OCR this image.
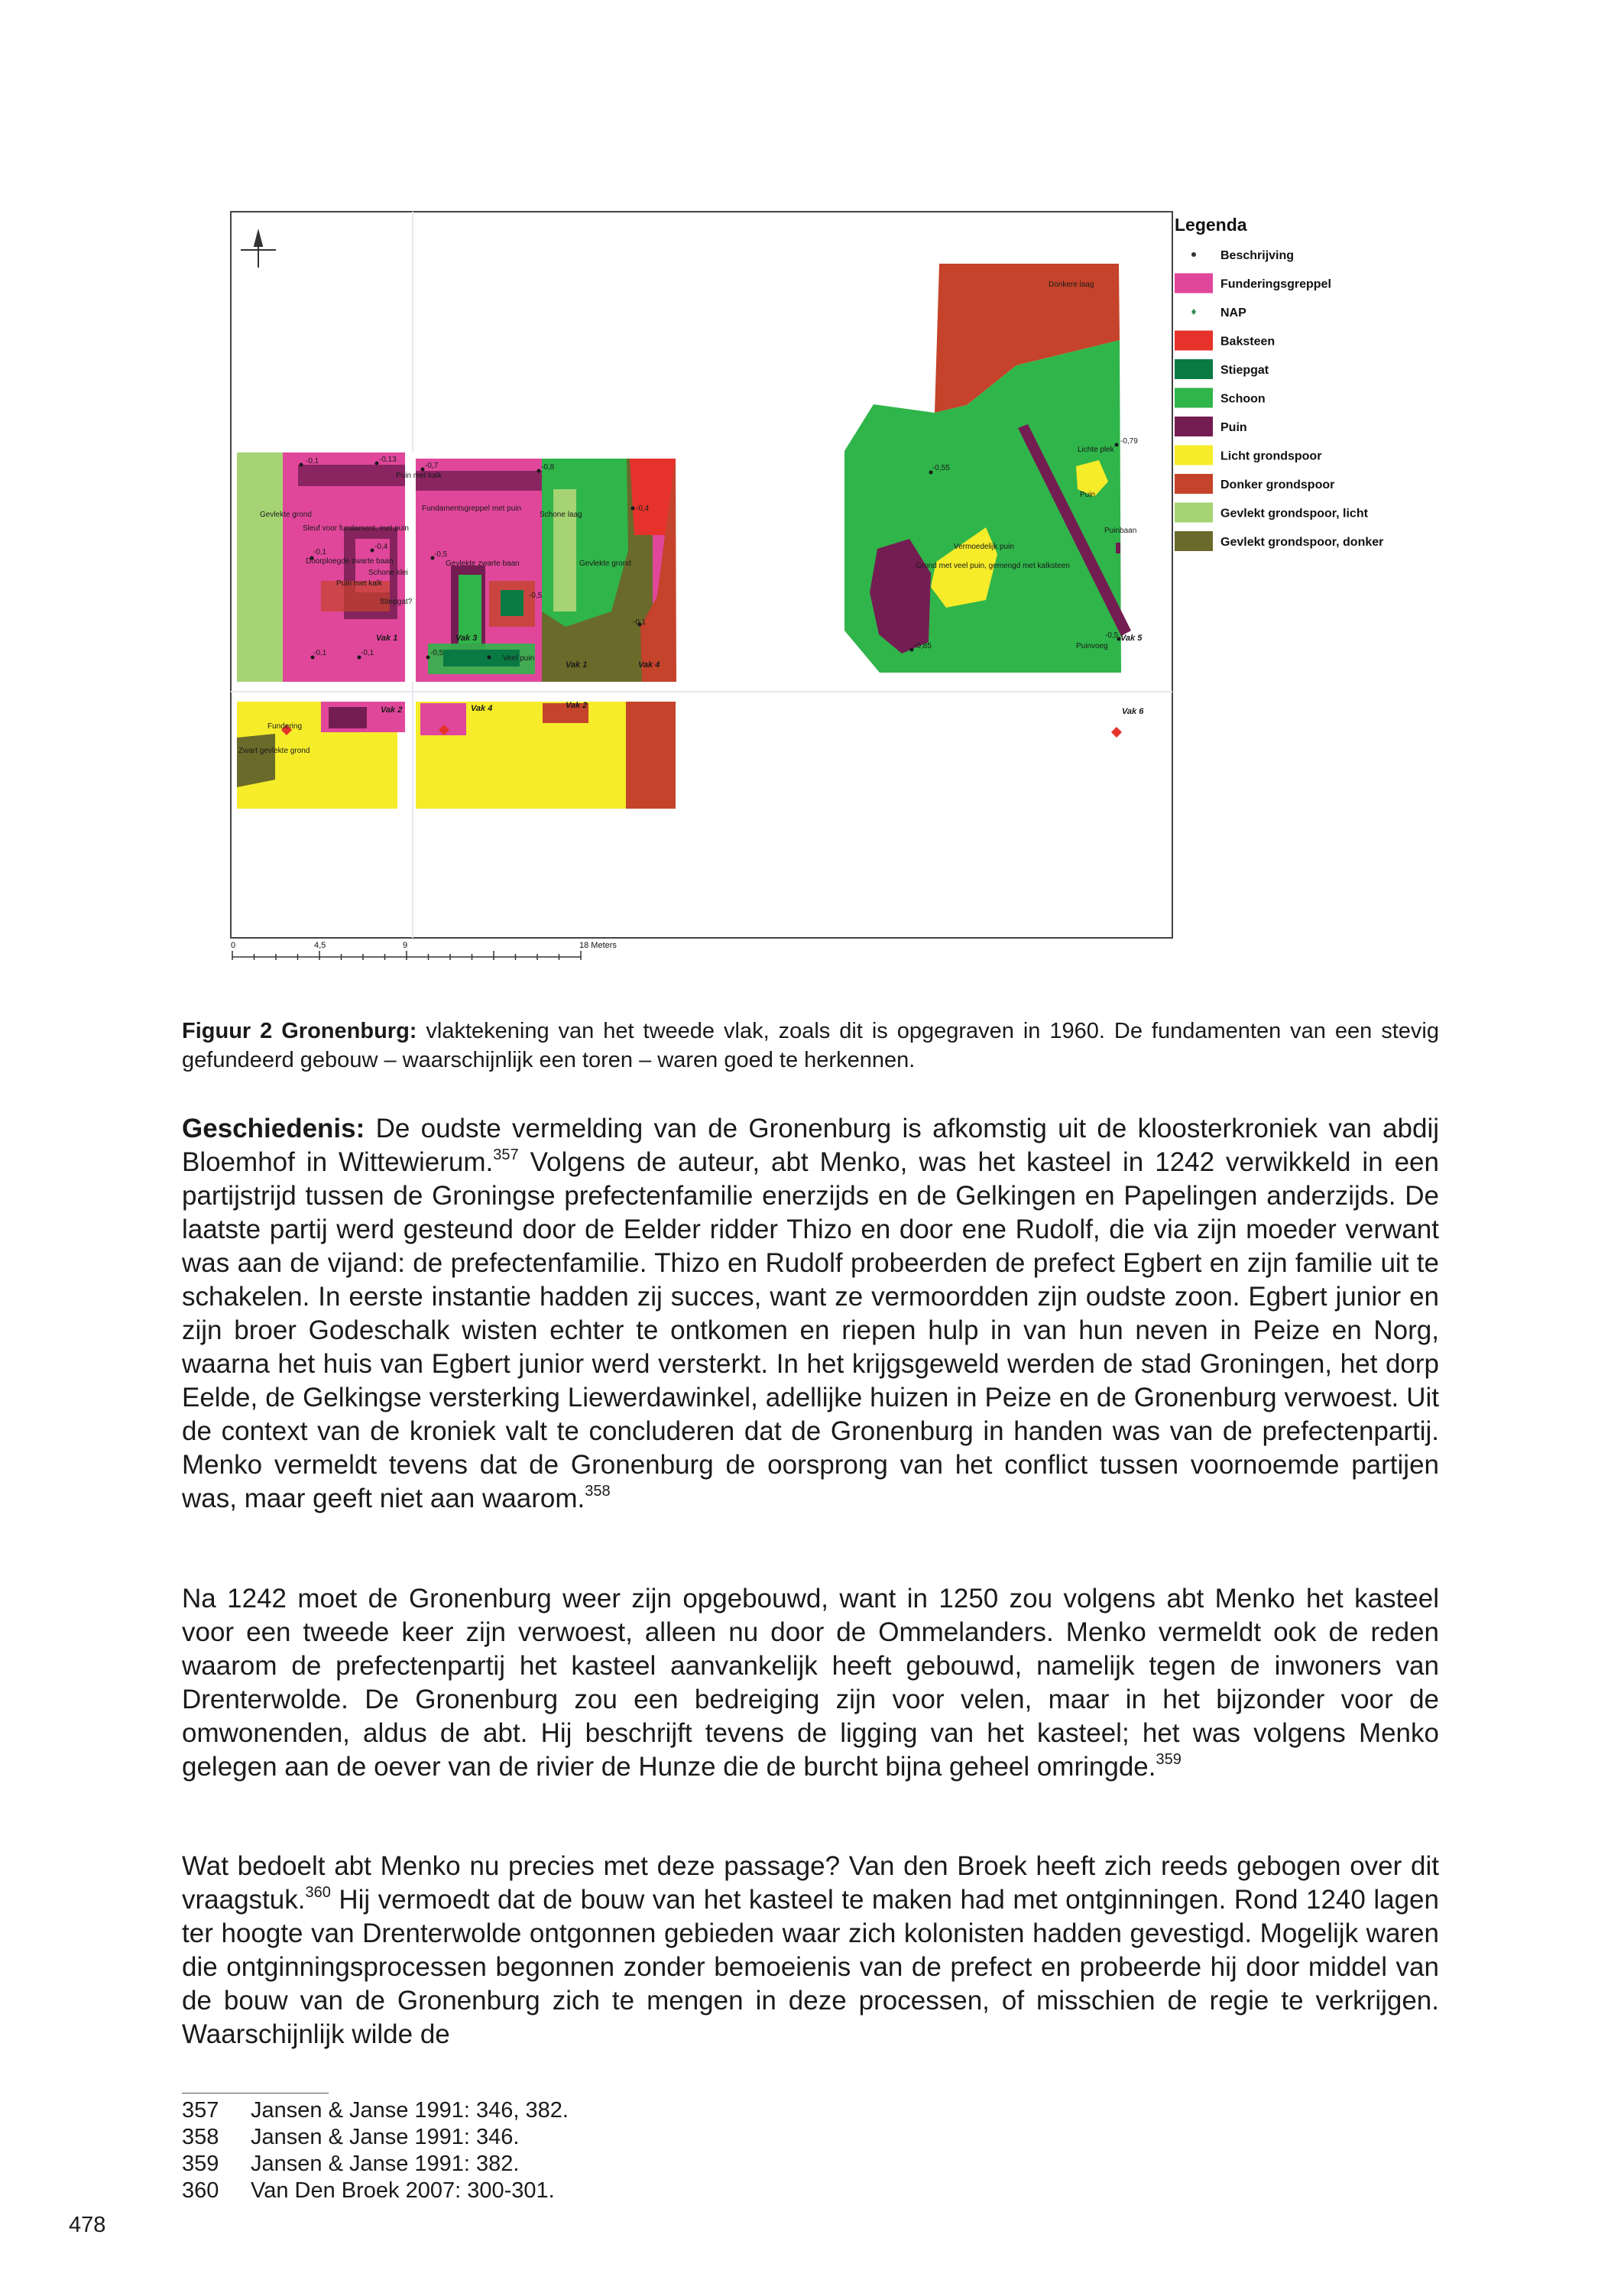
Donkere laag
Lichte plek
Puin
Puinbaan
Vermoedelijk puin
Grond met veel puin, gemengd met kalksteen
Puinvoeg
Puin met kalk
Gevlekte grond
Fundamentsgreppel met puin
Schone laag
Sleuf voor fundament, met puin
Doorploegde zwarte baan	Gevlekte zwarte baan	Gevlekte grond
Schone klei
Puin met kalk
Stiepgat?
Fundering
Zwart gevlekte grond
Veel puin
-0,1	-0,13
-0,7	-0,8
-0,4
-0,1
-0,4
-0,5
-0,1	-0,1
-0,5
-0,5
-0,1
-0,55
-0,79
-0,5
-0,85
Vak 1
Vak 1
Vak 2
Vak 3
Vak 4
Vak 2
Vak 4
Vak 5
Vak 6
Legenda
Beschrijving
Funderingsgreppel
NAP
Baksteen
Stiepgat
Schoon
Puin
Licht grondspoor
Donker grondspoor
Gevlekt grondspoor, licht
Gevlekt grondspoor, donker
0	4,5	9	18 Meters
Figuur 2 Gronenburg: vlaktekening van het tweede vlak, zoals dit is opgegraven in 1960. De fundamenten van een stevig gefundeerd gebouw – waarschijnlijk een toren – waren goed te herkennen.

Geschiedenis: De oudste vermelding van de Gronenburg is afkomstig uit de kloosterkroniek van abdij Bloemhof in Wittewierum.$^{357}$ Volgens de auteur, abt Menko, was het kasteel in 1242 verwikkeld in een partijstrijd tussen de Groningse prefectenfamilie enerzijds en de Gelkingen en Papelingen anderzijds. De laatste partij werd gesteund door de Eelder ridder Thizo en door ene Rudolf, die via zijn moeder verwant was aan de vijand: de prefectenfamilie. Thizo en Rudolf probeerden de prefect Egbert en zijn familie uit te schakelen. In eerste instantie hadden zij succes, want ze vermoordden zijn oudste zoon. Egbert junior en zijn broer Godeschalk wisten echter te ontkomen en riepen hulp in van hun neven in Peize en Norg, waarna het huis van Egbert junior werd versterkt. In het krijgsgeweld werden de stad Groningen, het dorp Eelde, de Gelkingse versterking Liewerdawinkel, adellijke huizen in Peize en de Gronenburg verwoest. Uit de context van de kroniek valt te concluderen dat de Gronenburg in handen was van de prefectenpartij. Menko vermeldt tevens dat de Gronenburg de oorsprong van het conflict tussen voornoemde partijen was, maar geeft niet aan waarom.$^{358}$

Na 1242 moet de Gronenburg weer zijn opgebouwd, want in 1250 zou volgens abt Menko het kasteel voor een tweede keer zijn verwoest, alleen nu door de Ommelanders. Menko vermeldt ook de reden waarom de prefectenpartij het kasteel aanvankelijk heeft gebouwd, namelijk tegen de inwoners van Drenterwolde. De Gronenburg zou een bedreiging zijn voor velen, maar in het bijzonder voor de omwonenden, aldus de abt. Hij beschrijft tevens de ligging van het kasteel; het was volgens Menko gelegen aan de oever van de rivier de Hunze die de burcht bijna geheel omringde.$^{359}$

Wat bedoelt abt Menko nu precies met deze passage? Van den Broek heeft zich reeds gebogen over dit vraagstuk.$^{360}$ Hij vermoedt dat de bouw van het kasteel te maken had met ontginningen. Rond 1240 lagen ter hoogte van Drenterwolde ontgonnen gebieden waar zich kolonisten hadden gevestigd. Mogelijk waren die ontginningsprocessen begonnen zonder bemoeienis van de prefect en probeerde hij door middel van de bouw van de Gronenburg zich te mengen in deze processen, of misschien de regie te verkrijgen. Waarschijnlijk wilde de

357	Jansen & Janse 1991: 346, 382.
358	Jansen & Janse 1991: 346.
359	Jansen & Janse 1991: 382.
360	Van Den Broek 2007: 300-301.
478
